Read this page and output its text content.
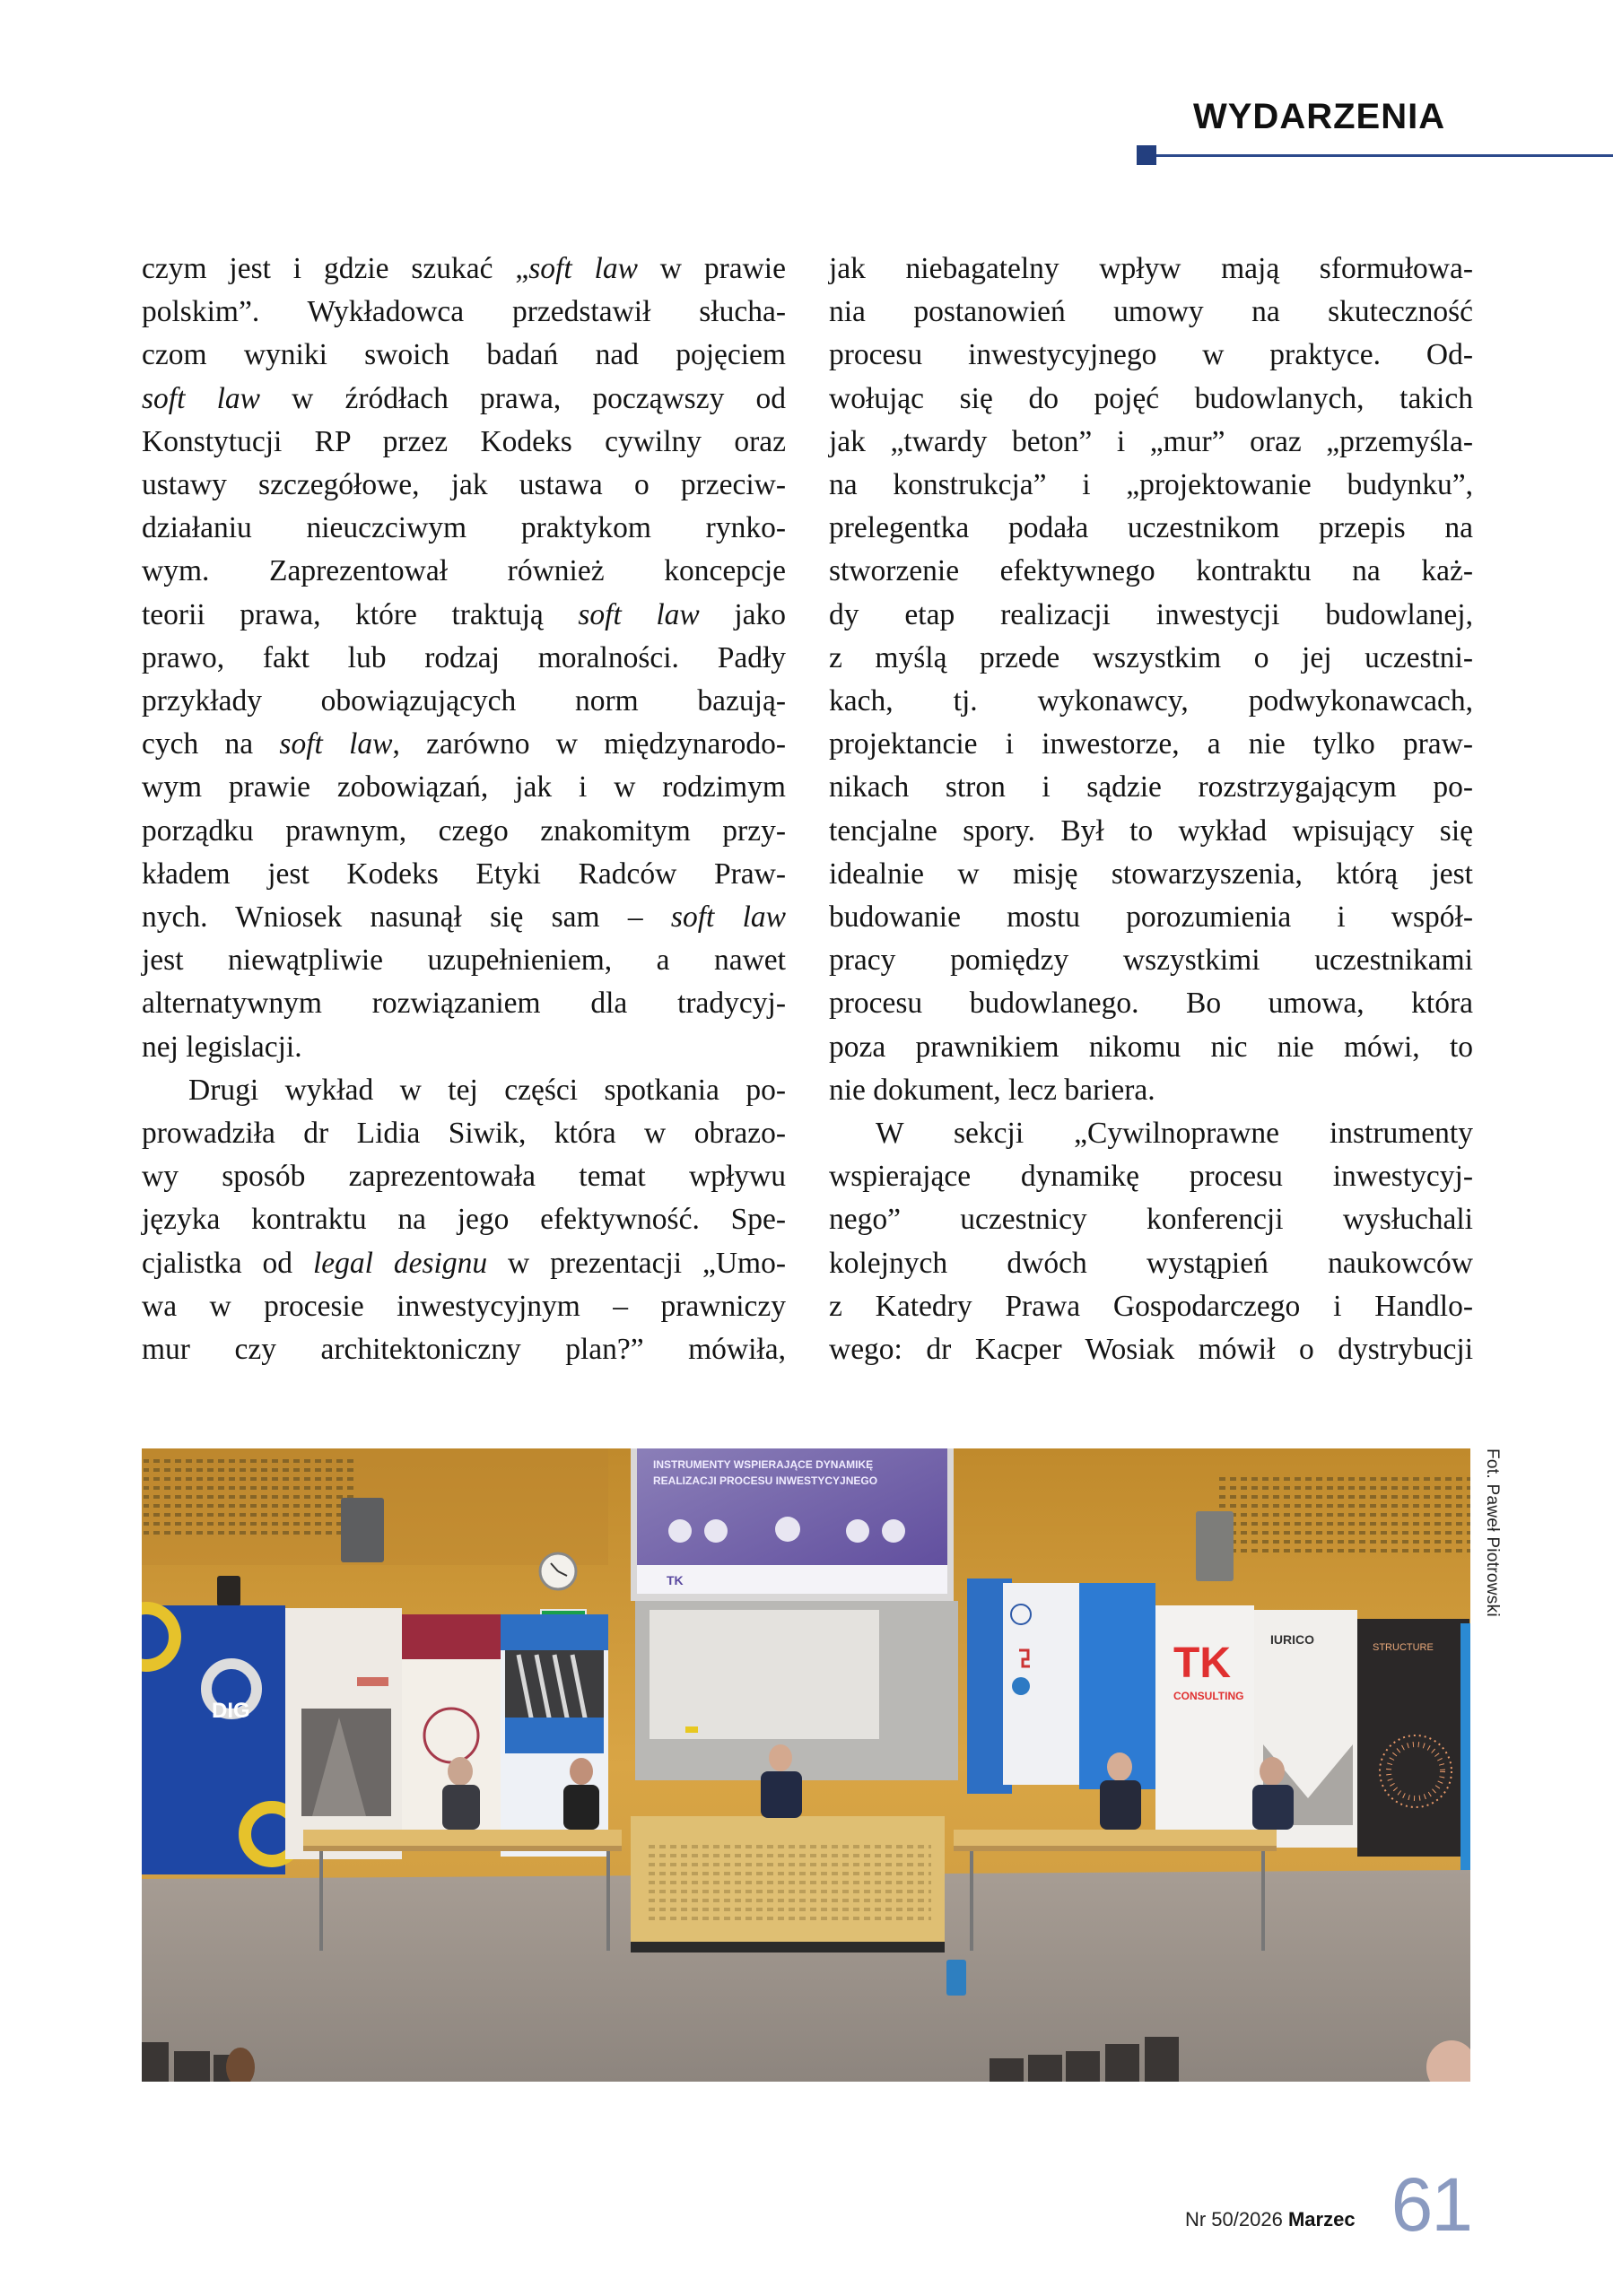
WYDARZENIA
czym jest i gdzie szukać „soft law w prawie
polskim”. Wykładowca przedstawił słucha-
czom wyniki swoich badań nad pojęciem
soft law w źródłach prawa, począwszy od
Konstytucji RP przez Kodeks cywilny oraz
ustawy szczegółowe, jak ustawa o przeciw-
działaniu nieuczciwym praktykom rynko-
wym. Zaprezentował również koncepcje
teorii prawa, które traktują soft law jako
prawo, fakt lub rodzaj moralności. Padły
przykłady obowiązujących norm bazują-
cych na soft law, zarówno w międzynarodo-
wym prawie zobowiązań, jak i w rodzimym
porządku prawnym, czego znakomitym przy-
kładem jest Kodeks Etyki Radców Praw-
nych. Wniosek nasunął się sam – soft law
jest niewątpliwie uzupełnieniem, a nawet
alternatywnym rozwiązaniem dla tradycyj-
nej legislacji.
Drugi wykład w tej części spotkania po-
prowadziła dr Lidia Siwik, która w obrazo-
wy sposób zaprezentowała temat wpływu
języka kontraktu na jego efektywność. Spe-
cjalistka od legal designu w prezentacji „Umo-
wa w procesie inwestycyjnym – prawniczy
mur czy architektoniczny plan?” mówiła,
jak niebagatelny wpływ mają sformułowa-
nia postanowień umowy na skuteczność
procesu inwestycyjnego w praktyce. Od-
wołując się do pojęć budowlanych, takich
jak „twardy beton” i „mur” oraz „przemyśla-
na konstrukcja” i „projektowanie budynku”,
prelegentka podała uczestnikom przepis na
stworzenie efektywnego kontraktu na każ-
dy etap realizacji inwestycji budowlanej,
z myślą przede wszystkim o jej uczestni-
kach, tj. wykonawcy, podwykonawcach,
projektancie i inwestorze, a nie tylko praw-
nikach stron i sądzie rozstrzygającym po-
tencjalne spory. Był to wykład wpisujący się
idealnie w misję stowarzyszenia, którą jest
budowanie mostu porozumienia i współ-
pracy pomiędzy wszystkimi uczestnikami
procesu budowlanego. Bo umowa, która
poza prawnikiem nikomu nic nie mówi, to
nie dokument, lecz bariera.
W sekcji „Cywilnoprawne instrumenty
wspierające dynamikę procesu inwestycyj-
nego” uczestnicy konferencji wysłuchali
kolejnych dwóch wystąpień naukowców
z Katedry Prawa Gospodarczego i Handlo-
wego: dr Kacper Wosiak mówił o dystrybucji
INSTRUMENTY WSPIERAJĄCE DYNAMIKĘ
REALIZACJI PROCESU INWESTYCYJNEGO
TK
DIG
TK
CONSULTING
IURICO
STRUCTURE
Fot. Paweł Piotrowski
Nr 50/2026 Marzec 61
